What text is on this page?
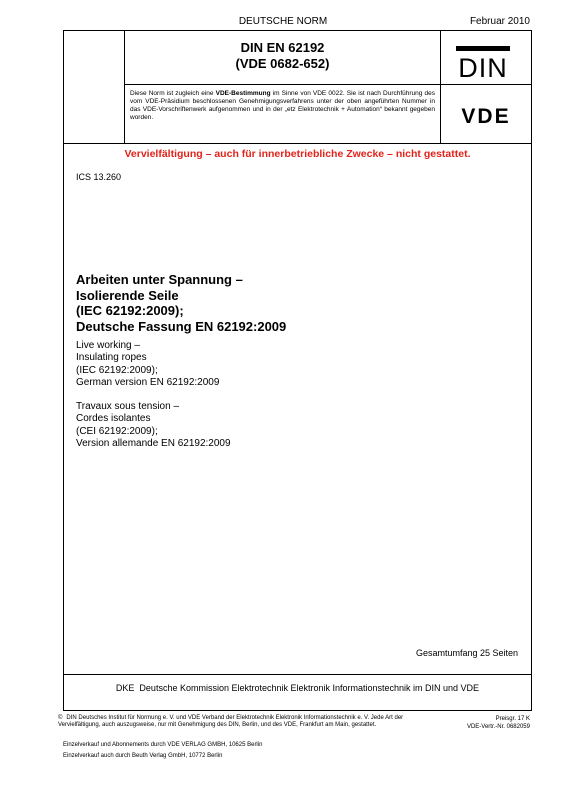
DEUTSCHE NORM	Februar 2010
DIN EN 62192
(VDE 0682-652)	DIN
VDE
Diese Norm ist zugleich eine VDE-Bestimmung im Sinne von VDE 0022. Sie ist nach Durchführung des vom VDE-Präsidium beschlossenen Genehmigungsverfahrens unter der oben angeführten Nummer in das VDE-Vorschriftenwerk aufgenommen und in der „etz Elektrotechnik + Automation“ bekannt gegeben worden.
Vervielfältigung – auch für innerbetriebliche Zwecke – nicht gestattet.
ICS 13.260
Arbeiten unter Spannung –
Isolierende Seile
(IEC 62192:2009);
Deutsche Fassung EN 62192:2009
Live working –
Insulating ropes
(IEC 62192:2009);
German version EN 62192:2009
Travaux sous tension –
Cordes isolantes
(CEI 62192:2009);
Version allemande EN 62192:2009
Gesamtumfang 25 Seiten
DKE  Deutsche Kommission Elektrotechnik Elektronik Informationstechnik im DIN und VDE
© DIN Deutsches Institut für Normung e. V. und VDE Verband der Elektrotechnik Elektronik Informationstechnik e. V. Jede Art der Vervielfältigung, auch auszugsweise, nur mit Genehmigung des DIN, Berlin, und des VDE, Frankfurt am Main, gestattet.
Preisgr. 17 K
VDE-Vertr.-Nr. 0682059
Einzelverkauf und Abonnements durch VDE VERLAG GMBH, 10625 Berlin
Einzelverkauf auch durch Beuth Verlag GmbH, 10772 Berlin
